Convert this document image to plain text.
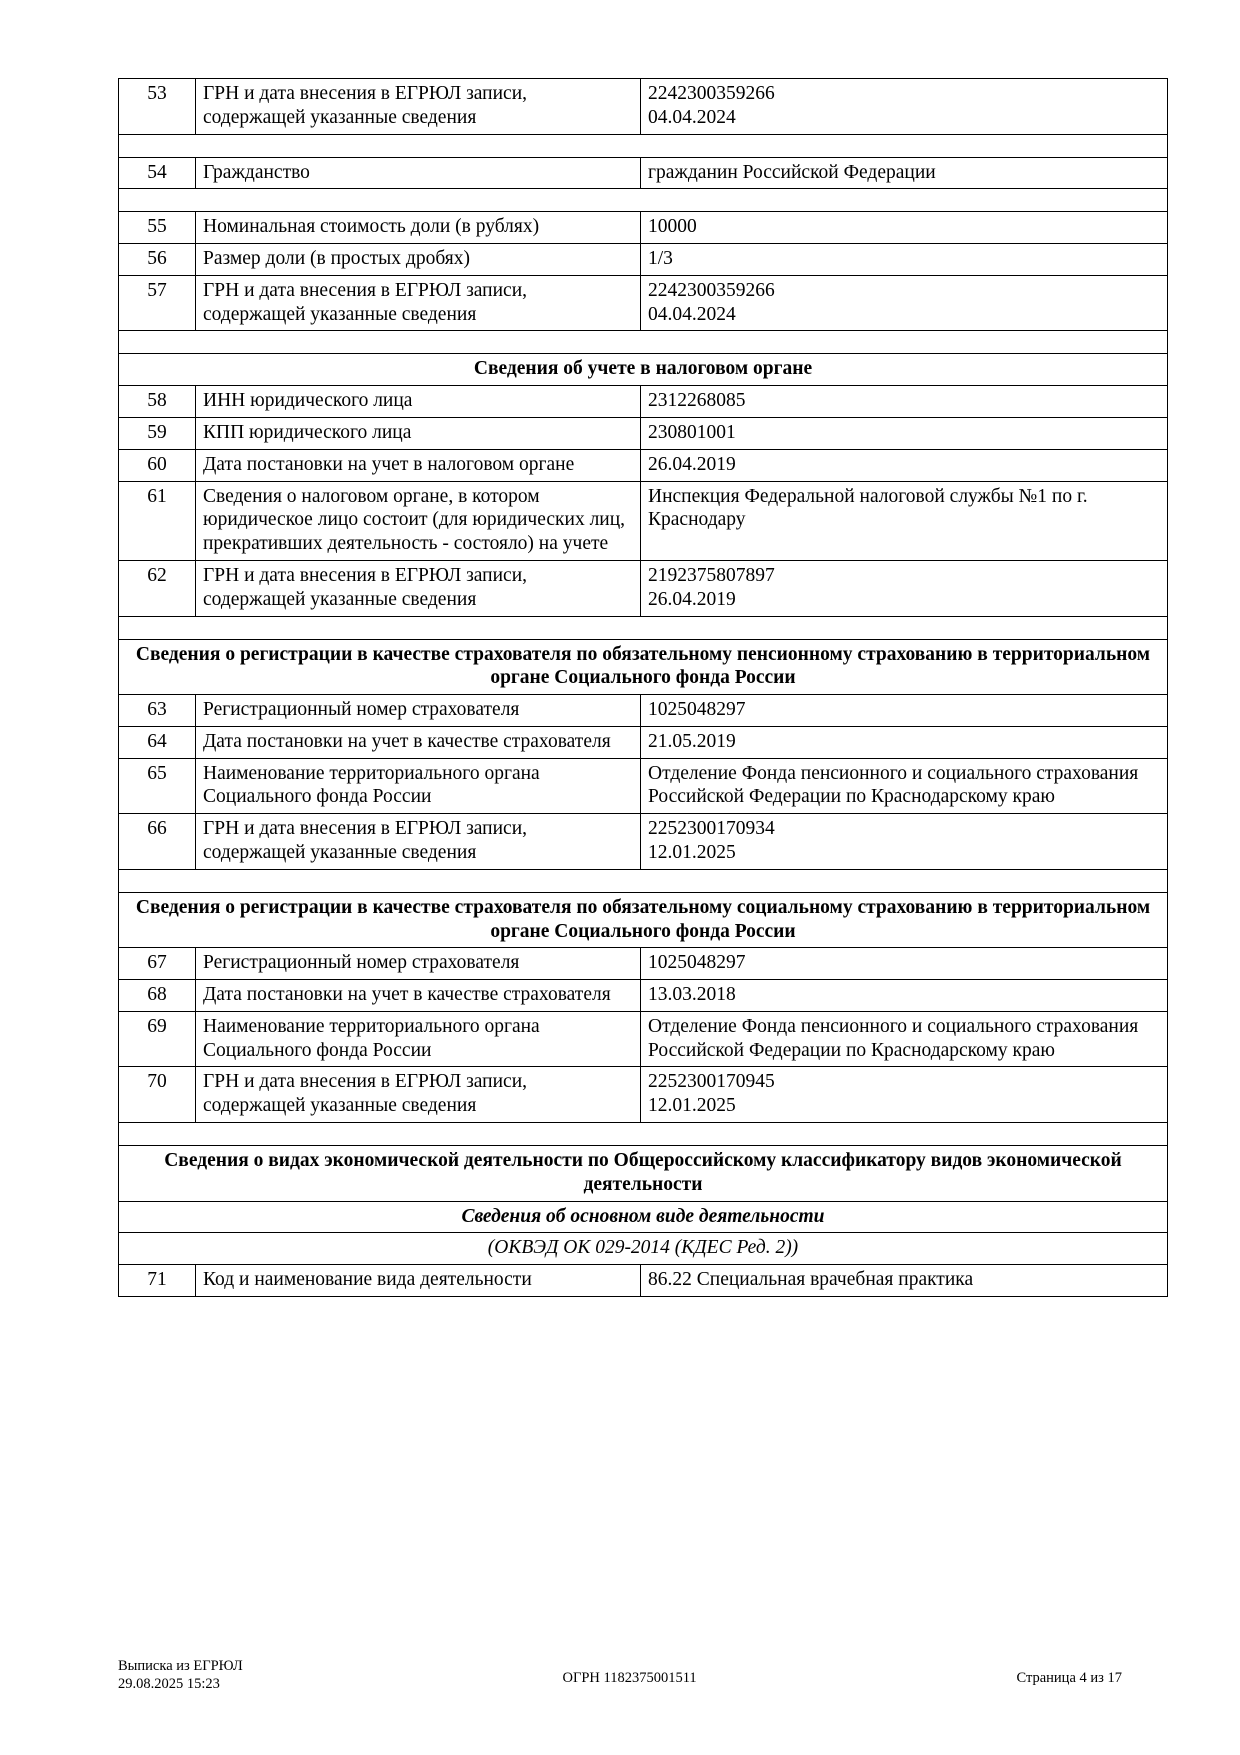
53	ГРН и дата внесения в ЕГРЮЛ записи, содержащей указанные сведения	2242300359266
04.04.2024

54	Гражданство	гражданин Российской Федерации

55	Номинальная стоимость доли (в рублях)	10000

56	Размер доли (в простых дробях)	1/3

57	ГРН и дата внесения в ЕГРЮЛ записи, содержащей указанные сведения	2242300359266
04.04.2024

Сведения об учете в налоговом органе		
58	ИНН юридического лица	2312268085

59	КПП юридического лица	230801001

60	Дата постановки на учет в налоговом органе	26.04.2019

61	Сведения о налоговом органе, в котором юридическое лицо состоит (для юридических лиц, прекративших деятельность - состояло) на учете	Инспекция Федеральной налоговой службы №1 по г. Краснодару

62	ГРН и дата внесения в ЕГРЮЛ записи, содержащей указанные сведения	2192375807897
26.04.2019

Сведения о регистрации в качестве страхователя по обязательному пенсионному страхованию в территориальном органе Социального фонда России		
63	Регистрационный номер страхователя	1025048297

64	Дата постановки на учет в качестве страхователя	21.05.2019

65	Наименование территориального органа Социального фонда России	Отделение Фонда пенсионного и социального страхования Российской Федерации по Краснодарскому краю

66	ГРН и дата внесения в ЕГРЮЛ записи, содержащей указанные сведения	2252300170934
12.01.2025

Сведения о регистрации в качестве страхователя по обязательному социальному страхованию в территориальном органе Социального фонда России		
67	Регистрационный номер страхователя	1025048297

68	Дата постановки на учет в качестве страхователя	13.03.2018

69	Наименование территориального органа Социального фонда России	Отделение Фонда пенсионного и социального страхования Российской Федерации по Краснодарскому краю

70	ГРН и дата внесения в ЕГРЮЛ записи, содержащей указанные сведения	2252300170945
12.01.2025

Сведения о видах экономической деятельности по Общероссийскому классификатору видов экономической деятельности		
Сведения об основном виде деятельности		
(ОКВЭД ОК 029-2014 (КДЕС Ред. 2))		
71	Код и наименование вида деятельности	86.22 Специальная врачебная практика
Выписка из ЕГРЮЛ
29.08.2025 15:23	ОГРН 1182375001511	Страница 4 из 17
